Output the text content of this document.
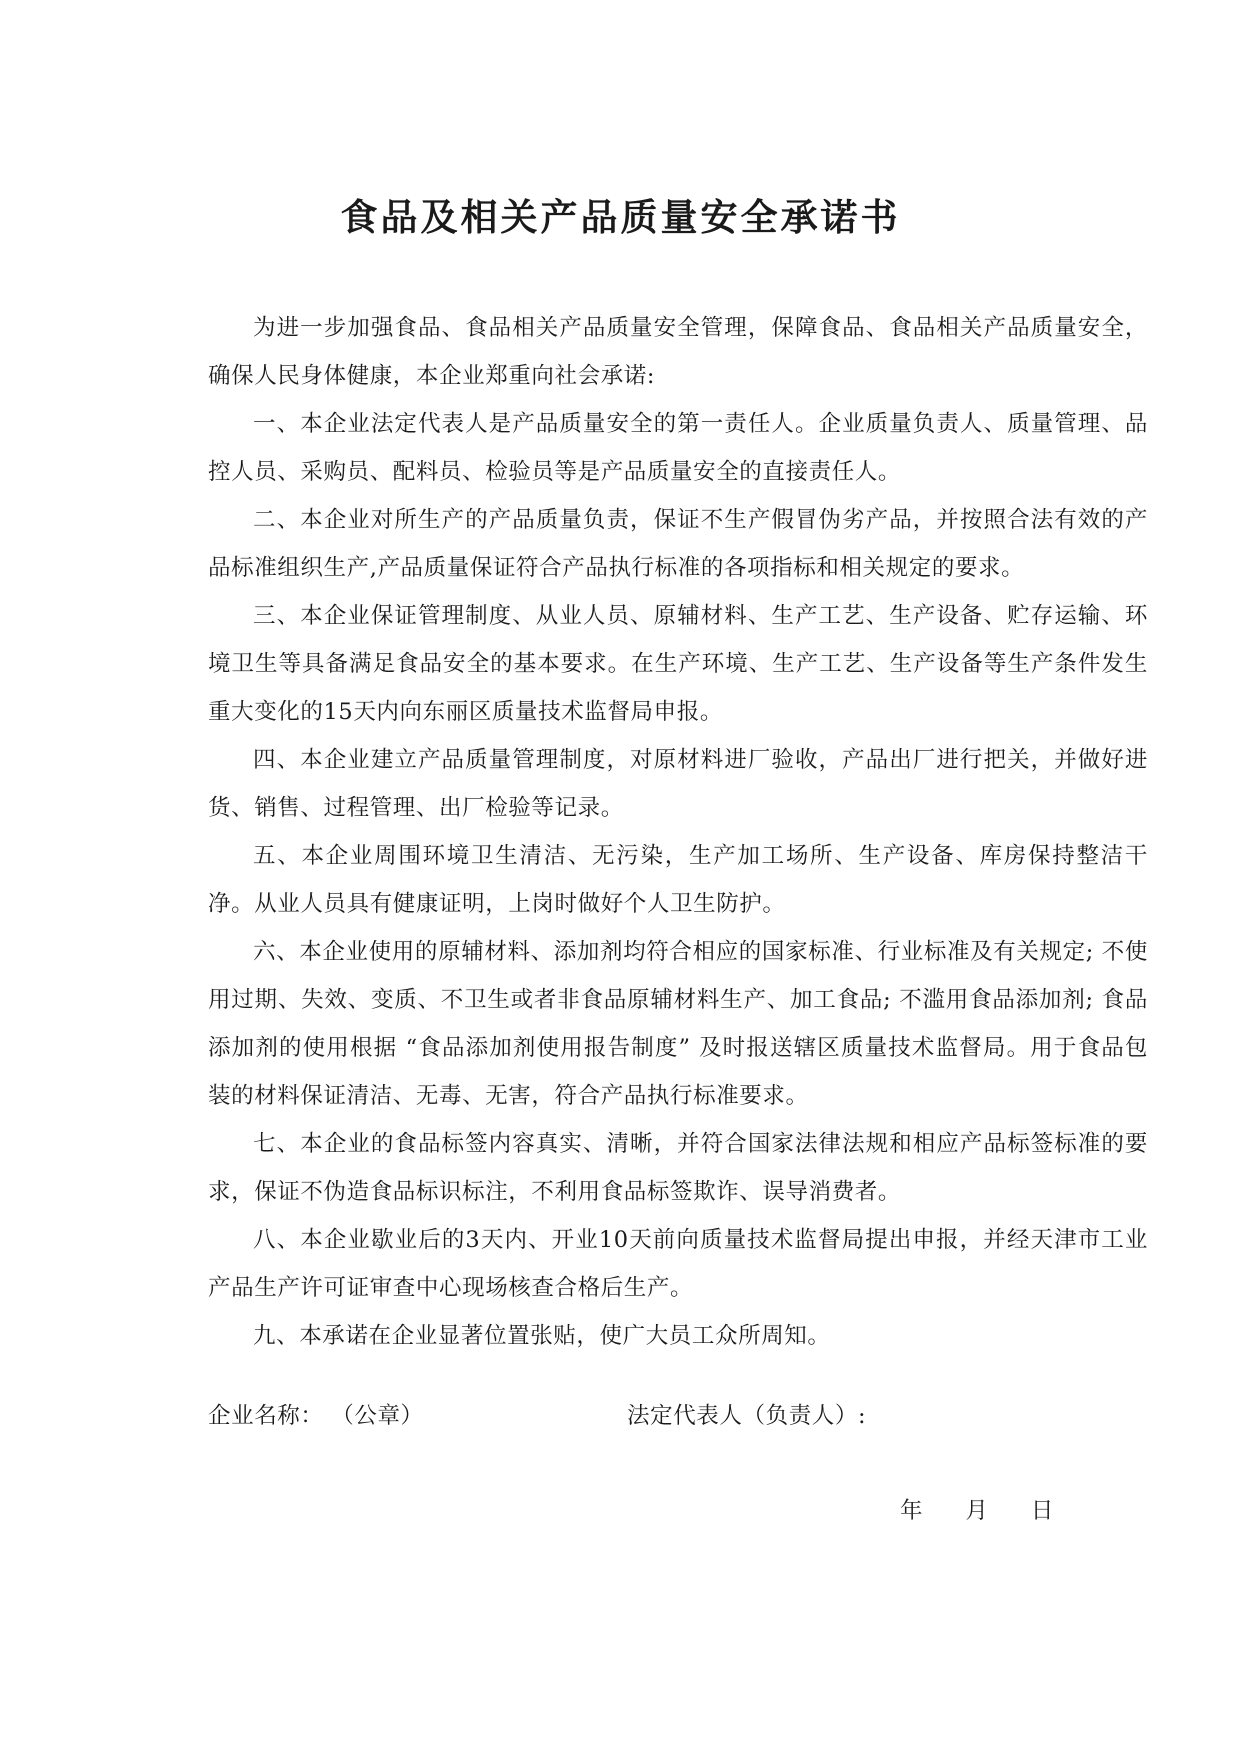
食品及相关产品质量安全承诺书

为进一步加强食品、食品相关产品质量安全管理，保障食品、食品相关产品质量安全，确保人民身体健康，本企业郑重向社会承诺:

一、本企业法定代表人是产品质量安全的第一责任人。企业质量负责人、质量管理、品控人员、采购员、配料员、检验员等是产品质量安全的直接责任人。

二、本企业对所生产的产品质量负责，保证不生产假冒伪劣产品，并按照合法有效的产品标准组织生产,产品质量保证符合产品执行标准的各项指标和相关规定的要求。

三、本企业保证管理制度、从业人员、原辅材料、生产工艺、生产设备、贮存运输、环境卫生等具备满足食品安全的基本要求。在生产环境、生产工艺、生产设备等生产条件发生重大变化的15天内向东丽区质量技术监督局申报。

四、本企业建立产品质量管理制度，对原材料进厂验收，产品出厂进行把关，并做好进货、销售、过程管理、出厂检验等记录。

五、本企业周围环境卫生清洁、无污染，生产加工场所、生产设备、库房保持整洁干净。从业人员具有健康证明，上岗时做好个人卫生防护。

六、本企业使用的原辅材料、添加剂均符合相应的国家标准、行业标准及有关规定; 不使用过期、失效、变质、不卫生或者非食品原辅材料生产、加工食品; 不滥用食品添加剂; 食品添加剂的使用根据 “食品添加剂使用报告制度” 及时报送辖区质量技术监督局。用于食品包装的材料保证清洁、无毒、无害，符合产品执行标准要求。

七、本企业的食品标签内容真实、清晰，并符合国家法律法规和相应产品标签标准的要求，保证不伪造食品标识标注，不利用食品标签欺诈、误导消费者。

八、本企业歇业后的3天内、开业10天前向质量技术监督局提出申报，并经天津市工业产品生产许可证审查中心现场核查合格后生产。

九、本承诺在企业显著位置张贴，使广大员工众所周知。

企业名称： （公章）	法定代表人（负责人）:
年      月      日
